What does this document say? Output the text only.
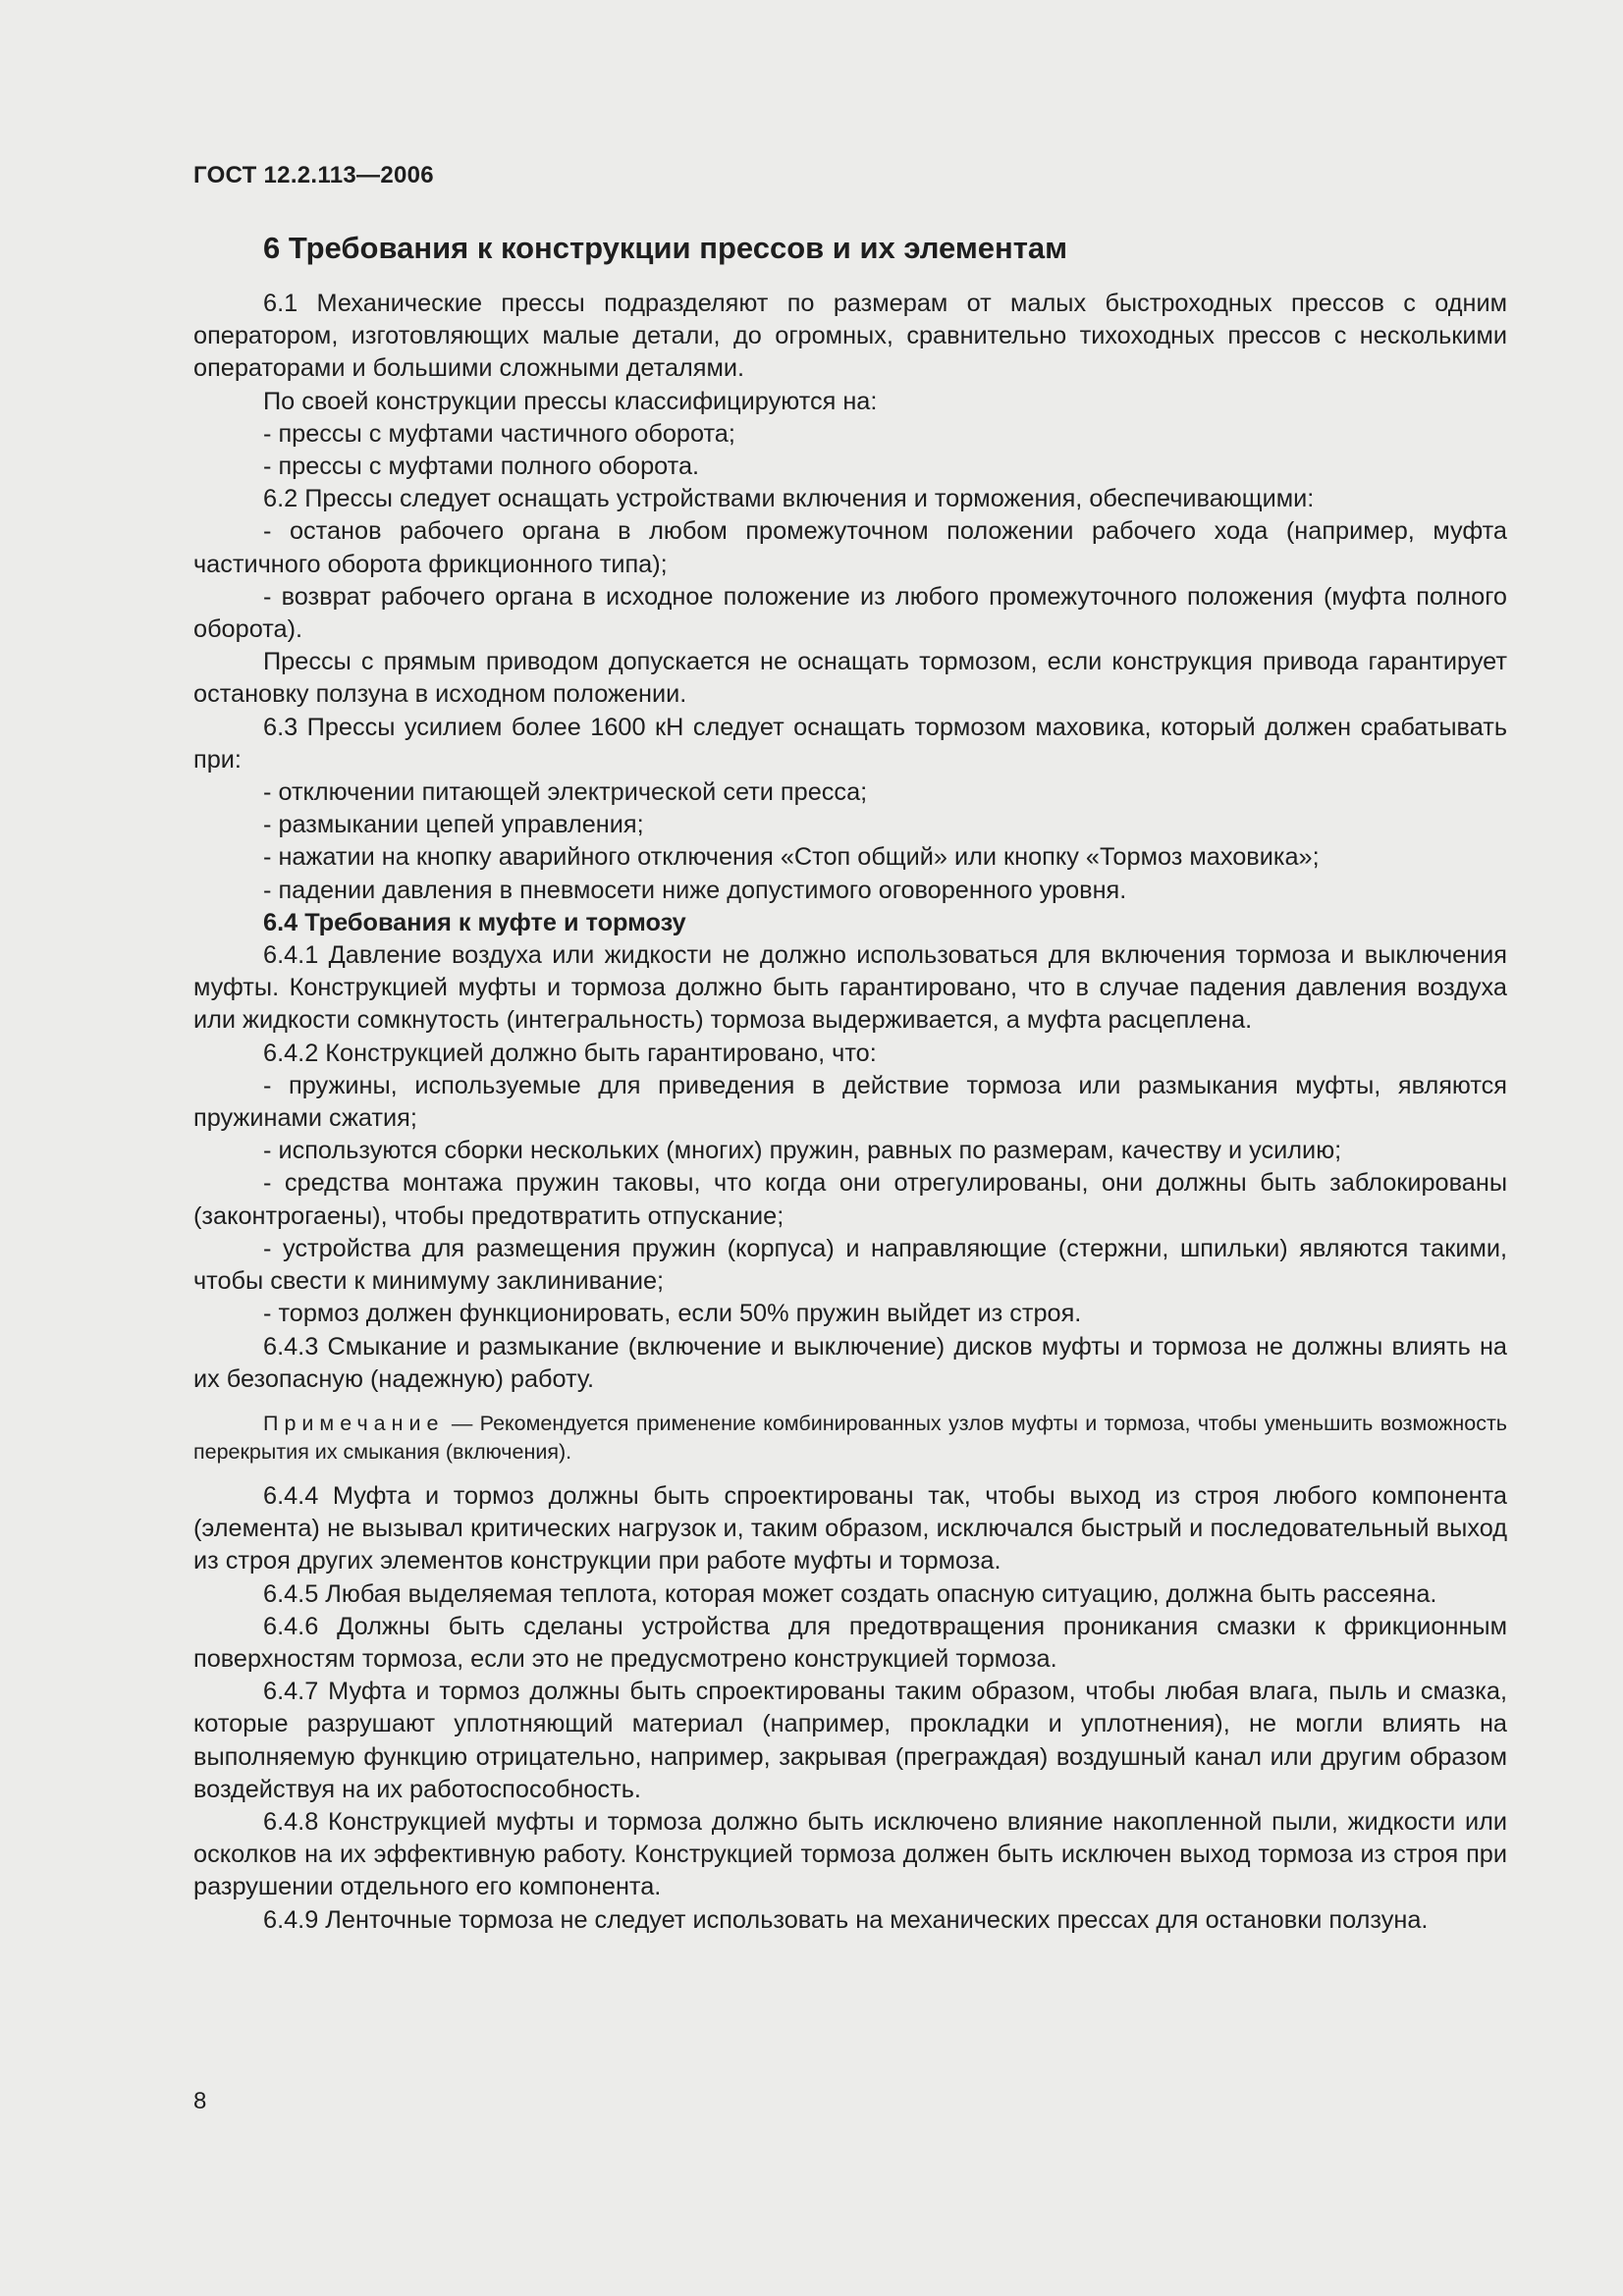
ГОСТ 12.2.113—2006
6 Требования к конструкции прессов и их элементам

6.1 Механические прессы подразделяют по размерам от малых быстроходных прессов с одним оператором, изготовляющих малые детали, до огромных, сравнительно тихоходных прессов с несколькими операторами и большими сложными деталями.

По своей конструкции прессы классифицируются на:

- прессы с муфтами частичного оборота;

- прессы с муфтами полного оборота.

6.2 Прессы следует оснащать устройствами включения и торможения, обеспечивающими:

- останов рабочего органа в любом промежуточном положении рабочего хода (например, муфта частичного оборота фрикционного типа);

- возврат рабочего органа в исходное положение из любого промежуточного положения (муфта полного оборота).

Прессы с прямым приводом допускается не оснащать тормозом, если конструкция привода гарантирует остановку ползуна в исходном положении.

6.3 Прессы усилием более 1600 кН следует оснащать тормозом маховика, который должен срабатывать при:

- отключении питающей электрической сети пресса;

- размыкании цепей управления;

- нажатии на кнопку аварийного отключения «Стоп общий» или кнопку «Тормоз маховика»;

- падении давления в пневмосети ниже допустимого оговоренного уровня.

6.4 Требования к муфте и тормозу

6.4.1 Давление воздуха или жидкости не должно использоваться для включения тормоза и выключения муфты. Конструкцией муфты и тормоза должно быть гарантировано, что в случае падения давления воздуха или жидкости сомкнутость (интегральность) тормоза выдерживается, а муфта расцеплена.

6.4.2 Конструкцией должно быть гарантировано, что:

- пружины, используемые для приведения в действие тормоза или размыкания муфты, являются пружинами сжатия;

- используются сборки нескольких (многих) пружин, равных по размерам, качеству и усилию;

- средства монтажа пружин таковы, что когда они отрегулированы, они должны быть заблокированы (законтрогаены), чтобы предотвратить отпускание;

- устройства для размещения пружин (корпуса) и направляющие (стержни, шпильки) являются такими, чтобы свести к минимуму заклинивание;

- тормоз должен функционировать, если 50% пружин выйдет из строя.

6.4.3 Смыкание и размыкание (включение и выключение) дисков муфты и тормоза не должны влиять на их безопасную (надежную) работу.

Примечание — Рекомендуется применение комбинированных узлов муфты и тормоза, чтобы уменьшить возможность перекрытия их смыкания (включения).

6.4.4 Муфта и тормоз должны быть спроектированы так, чтобы выход из строя любого компонента (элемента) не вызывал критических нагрузок и, таким образом, исключался быстрый и последовательный выход из строя других элементов конструкции при работе муфты и тормоза.

6.4.5 Любая выделяемая теплота, которая может создать опасную ситуацию, должна быть рассеяна.

6.4.6 Должны быть сделаны устройства для предотвращения проникания смазки к фрикционным поверхностям тормоза, если это не предусмотрено конструкцией тормоза.

6.4.7 Муфта и тормоз должны быть спроектированы таким образом, чтобы любая влага, пыль и смазка, которые разрушают уплотняющий материал (например, прокладки и уплотнения), не могли влиять на выполняемую функцию отрицательно, например, закрывая (преграждая) воздушный канал или другим образом воздействуя на их работоспособность.

6.4.8 Конструкцией муфты и тормоза должно быть исключено влияние накопленной пыли, жидкости или осколков на их эффективную работу. Конструкцией тормоза должен быть исключен выход тормоза из строя при разрушении отдельного его компонента.

6.4.9 Ленточные тормоза не следует использовать на механических прессах для остановки ползуна.

8
